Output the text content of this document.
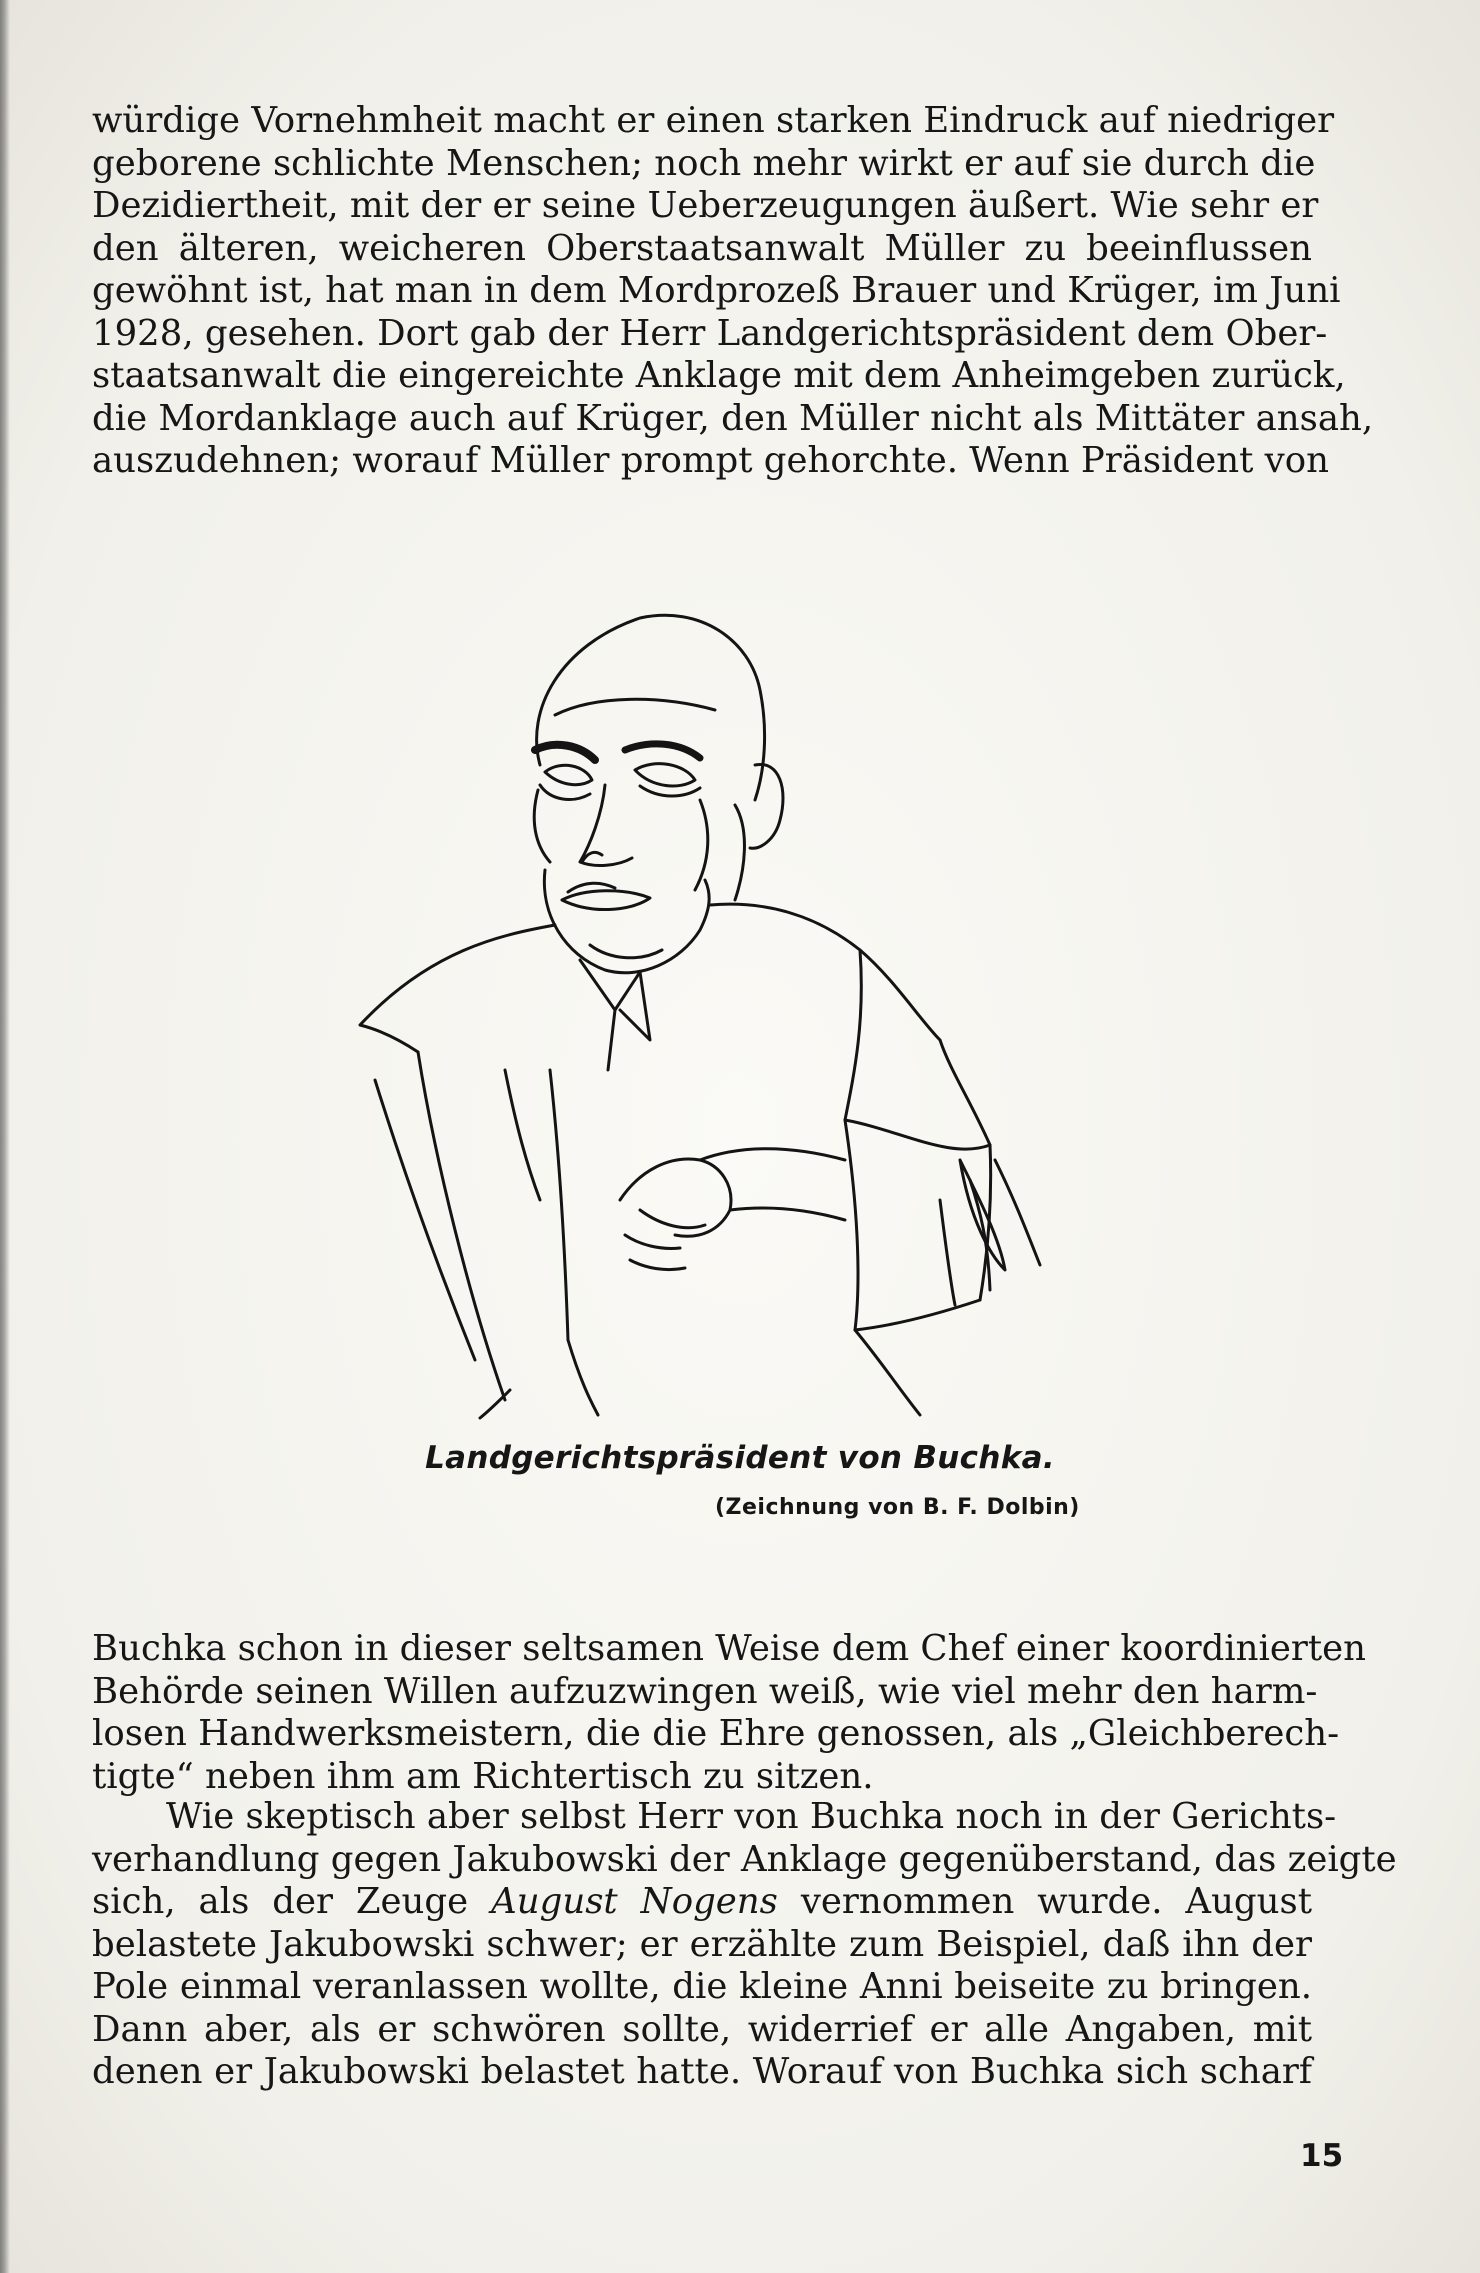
würdige Vornehmheit macht er einen starken Eindruck auf niedriger
geborene schlichte Menschen; noch mehr wirkt er auf sie durch die
Dezidiertheit, mit der er seine Ueberzeugungen äußert. Wie sehr er
den älteren, weicheren Oberstaatsanwalt Müller zu beeinflussen
gewöhnt ist, hat man in dem Mordprozeß Brauer und Krüger, im Juni
1928, gesehen. Dort gab der Herr Landgerichtspräsident dem Ober-
staatsanwalt die eingereichte Anklage mit dem Anheimgeben zurück,
die Mordanklage auch auf Krüger, den Müller nicht als Mittäter ansah,
auszudehnen; worauf Müller prompt gehorchte. Wenn Präsident von
Landgerichtspräsident von Buchka.
(Zeichnung von B. F. Dolbin)
Buchka schon in dieser seltsamen Weise dem Chef einer koordinierten
Behörde seinen Willen aufzuzwingen weiß, wie viel mehr den harm-
losen Handwerksmeistern, die die Ehre genossen, als „Gleichberech-
tigte“ neben ihm am Richtertisch zu sitzen.
Wie skeptisch aber selbst Herr von Buchka noch in der Gerichts-
verhandlung gegen Jakubowski der Anklage gegenüberstand, das zeigte
sich, als der Zeuge August Nogens vernommen wurde. August
belastete Jakubowski schwer; er erzählte zum Beispiel, daß ihn der
Pole einmal veranlassen wollte, die kleine Anni beiseite zu bringen.
Dann aber, als er schwören sollte, widerrief er alle Angaben, mit
denen er Jakubowski belastet hatte. Worauf von Buchka sich scharf
15
